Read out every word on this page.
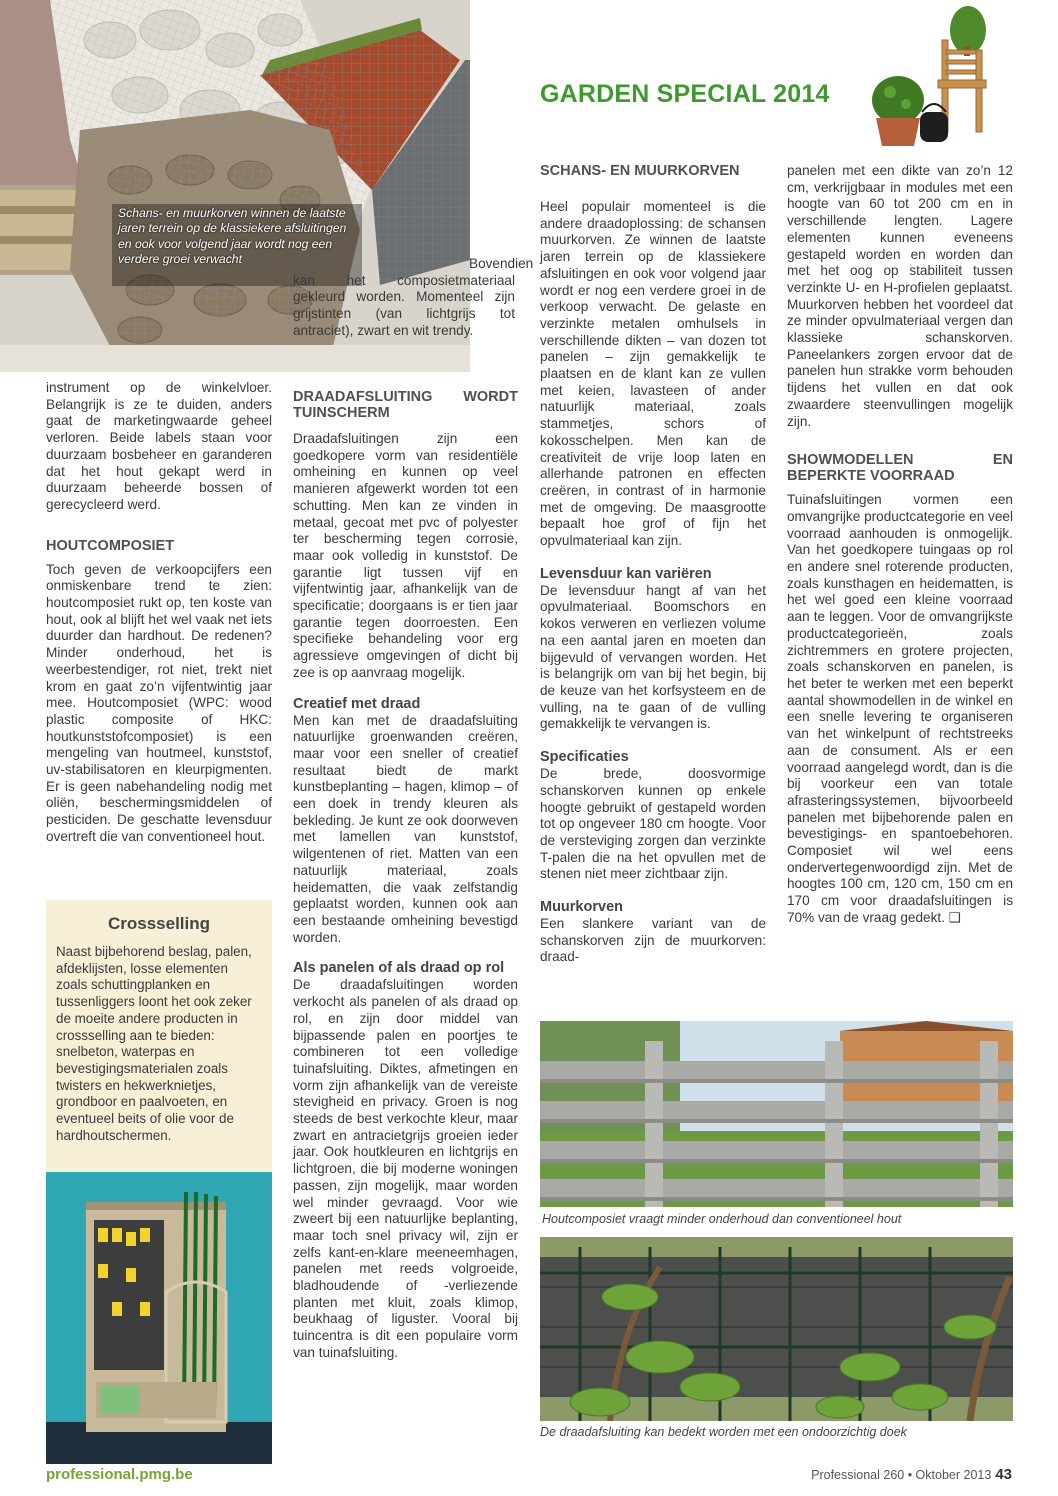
Schans- en muurkorven winnen de laatste jaren terrein op de klassiekere afsluitingen en ook voor volgend jaar wordt nog een verdere groei verwacht
GARDEN SPECIAL 2014

Bovendien kan het composietmateriaal gekleurd worden. Momenteel zijn grijstinten (van lichtgrijs tot antraciet), zwart en wit trendy.

instrument op de winkelvloer. Belangrijk is ze te duiden, anders gaat de marketingwaarde geheel verloren. Beide labels staan voor duurzaam bosbeheer en garanderen dat het hout gekapt werd in duurzaam beheerde bossen of gerecycleerd werd.

HOUTCOMPOSIET

Toch geven de verkoopcijfers een onmiskenbare trend te zien: houtcomposiet rukt op, ten koste van hout, ook al blijft het wel vaak net iets duurder dan hardhout. De redenen? Minder onderhoud, het is weerbestendiger, rot niet, trekt niet krom en gaat zo’n vijfentwintig jaar mee. Houtcomposiet (WPC: wood plastic composite of HKC: houtkunststofcomposiet) is een mengeling van houtmeel, kunststof, uv-stabilisatoren en kleurpigmenten. Er is geen nabehandeling nodig met oliën, beschermingsmiddelen of pesticiden. De geschatte levensduur overtreft die van conventioneel hout.

Crossselling
Naast bijbehorend beslag, palen, afdeklijsten, losse elementen zoals schuttingplanken en tussenliggers loont het ook zeker de moeite andere producten in crossselling aan te bieden: snelbeton, waterpas en bevestigingsmaterialen zoals twisters en hekwerknietjes, grondboor en paalvoeten, en eventueel beits of olie voor de hardhoutschermen.
DRAADAFSLUITING WORDT TUINSCHERM

Draadafsluitingen zijn een goedkopere vorm van residentiële omheining en kunnen op veel manieren afgewerkt worden tot een schutting. Men kan ze vinden in metaal, gecoat met pvc of polyester ter bescherming tegen corrosie, maar ook volledig in kunststof. De garantie ligt tussen vijf en vijfentwintig jaar, afhankelijk van de specificatie; doorgaans is er tien jaar garantie tegen doorroesten. Een specifieke behandeling voor erg agressieve omgevingen of dicht bij zee is op aanvraag mogelijk.

Creatief met draad

Men kan met de draadafsluiting natuurlijke groenwanden creëren, maar voor een sneller of creatief resultaat biedt de markt kunstbeplanting – hagen, klimop – of een doek in trendy kleuren als bekleding. Je kunt ze ook doorweven met lamellen van kunststof, wilgentenen of riet. Matten van een natuurlijk materiaal, zoals heidematten, die vaak zelfstandig geplaatst worden, kunnen ook aan een bestaande omheining bevestigd worden.

Als panelen of als draad op rol

De draadafsluitingen worden verkocht als panelen of als draad op rol, en zijn door middel van bijpassende palen en poortjes te combineren tot een volledige tuinafsluiting. Diktes, afmetingen en vorm zijn afhankelijk van de vereiste stevigheid en privacy. Groen is nog steeds de best verkochte kleur, maar zwart en antracietgrijs groeien ieder jaar. Ook houtkleuren en lichtgrijs en lichtgroen, die bij moderne woningen passen, zijn mogelijk, maar worden wel minder gevraagd. Voor wie zweert bij een natuurlijke beplanting, maar toch snel privacy wil, zijn er zelfs kant-en-klare meeneemhagen, panelen met reeds volgroeide, bladhoudende of -verliezende planten met kluit, zoals klimop, beukhaag of liguster. Vooral bij tuincentra is dit een populaire vorm van tuinafsluiting.

SCHANS- EN MUURKORVEN

Heel populair momenteel is die andere draadoplossing: de schansen muurkorven. Ze winnen de laatste jaren terrein op de klassiekere afsluitingen en ook voor volgend jaar wordt er nog een verdere groei in de verkoop verwacht. De gelaste en verzinkte metalen omhulsels in verschillende dikten – van dozen tot panelen – zijn gemakkelijk te plaatsen en de klant kan ze vullen met keien, lavasteen of ander natuurlijk materiaal, zoals stammetjes, schors of kokosschelpen. Men kan de creativiteit de vrije loop laten en allerhande patronen en effecten creëren, in contrast of in harmonie met de omgeving. De maasgrootte bepaalt hoe grof of fijn het opvulmateriaal kan zijn.

Levensduur kan variëren

De levensduur hangt af van het opvulmateriaal. Boomschors en kokos verweren en verliezen volume na een aantal jaren en moeten dan bijgevuld of vervangen worden. Het is belangrijk om van bij het begin, bij de keuze van het korfsysteem en de vulling, na te gaan of de vulling gemakkelijk te vervangen is.

Specificaties

De brede, doosvormige schanskorven kunnen op enkele hoogte gebruikt of gestapeld worden tot op ongeveer 180 cm hoogte. Voor de versteviging zorgen dan verzinkte T-palen die na het opvullen met de stenen niet meer zichtbaar zijn.

Muurkorven

Een slankere variant van de schanskorven zijn de muurkorven: draad-

panelen met een dikte van zo’n 12 cm, verkrijgbaar in modules met een hoogte van 60 tot 200 cm en in verschillende lengten. Lagere elementen kunnen eveneens gestapeld worden en worden dan met het oog op stabiliteit tussen verzinkte U- en H-profielen geplaatst. Muurkorven hebben het voordeel dat ze minder opvulmateriaal vergen dan klassieke schanskorven. Paneelankers zorgen ervoor dat de panelen hun strakke vorm behouden tijdens het vullen en dat ook zwaardere steenvullingen mogelijk zijn.

SHOWMODELLEN EN BEPERKTE VOORRAAD

Tuinafsluitingen vormen een omvangrijke productcategorie en veel voorraad aanhouden is onmogelijk. Van het goedkopere tuingaas op rol en andere snel roterende producten, zoals kunsthagen en heidematten, is het wel goed een kleine voorraad aan te leggen. Voor de omvangrijkste productcategorieën, zoals zichtremmers en grotere projecten, zoals schanskorven en panelen, is het beter te werken met een beperkt aantal showmodellen in de winkel en een snelle levering te organiseren van het winkelpunt of rechtstreeks aan de consument. Als er een voorraad aangelegd wordt, dan is die bij voorkeur een van totale afrasteringssystemen, bijvoorbeeld panelen met bijbehorende palen en bevestigings- en spantoebehoren. Composiet wil wel eens ondervertegenwoordigd zijn. Met de hoogtes 100 cm, 120 cm, 150 cm en 170 cm voor draadafsluitingen is 70% van de vraag gedekt. ❑

Houtcomposiet vraagt minder onderhoud dan conventioneel hout
De draadafsluiting kan bedekt worden met een ondoorzichtig doek
professional.pmg.be	Professional 260 • Oktober 2013 43
